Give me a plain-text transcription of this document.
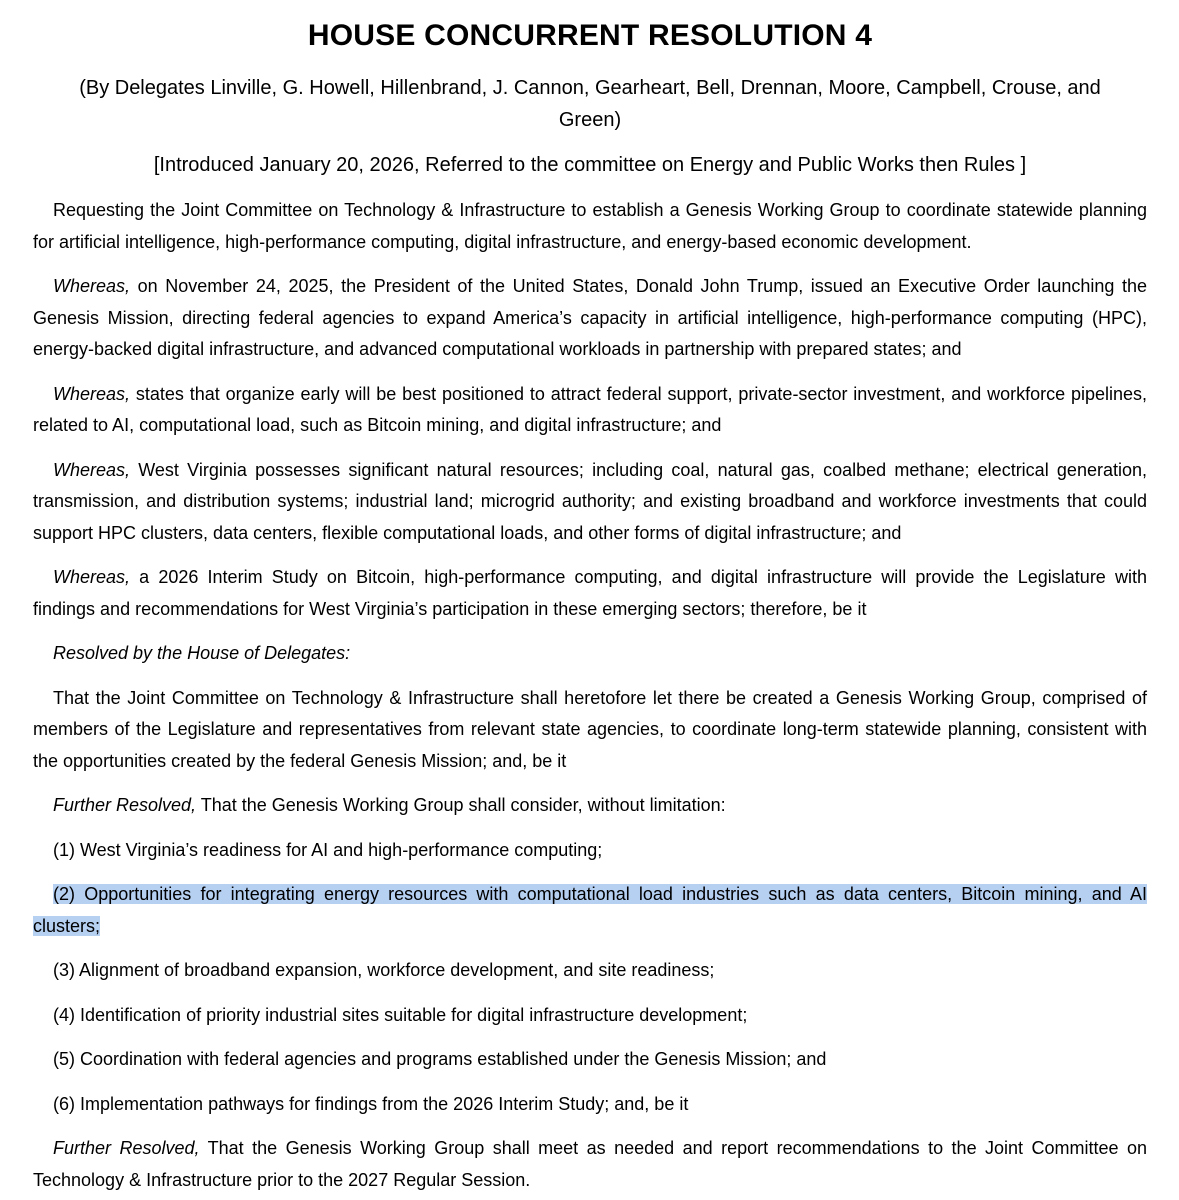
HOUSE CONCURRENT RESOLUTION 4

(By Delegates Linville, G. Howell, Hillenbrand, J. Cannon, Gearheart, Bell, Drennan, Moore, Campbell, Crouse, and Green)

[Introduced January 20, 2026, Referred to the committee on Energy and Public Works then Rules ]

Requesting the Joint Committee on Technology & Infrastructure to establish a Genesis Working Group to coordinate statewide planning for artificial intelligence, high-performance computing, digital infrastructure, and energy-based economic development.

Whereas, on November 24, 2025, the President of the United States, Donald John Trump, issued an Executive Order launching the Genesis Mission, directing federal agencies to expand America’s capacity in artificial intelligence, high-performance computing (HPC), energy-backed digital infrastructure, and advanced computational workloads in partnership with prepared states; and

Whereas, states that organize early will be best positioned to attract federal support, private-sector investment, and workforce pipelines, related to AI, computational load, such as Bitcoin mining, and digital infrastructure; and

Whereas, West Virginia possesses significant natural resources; including coal, natural gas, coalbed methane; electrical generation, transmission, and distribution systems; industrial land; microgrid authority; and existing broadband and workforce investments that could support HPC clusters, data centers, flexible computational loads, and other forms of digital infrastructure; and

Whereas, a 2026 Interim Study on Bitcoin, high-performance computing, and digital infrastructure will provide the Legislature with findings and recommendations for West Virginia’s participation in these emerging sectors; therefore, be it

Resolved by the House of Delegates:

That the Joint Committee on Technology & Infrastructure shall heretofore let there be created a Genesis Working Group, comprised of members of the Legislature and representatives from relevant state agencies, to coordinate long-term statewide planning, consistent with the opportunities created by the federal Genesis Mission; and, be it

Further Resolved, That the Genesis Working Group shall consider, without limitation:

(1) West Virginia’s readiness for AI and high-performance computing;

(2) Opportunities for integrating energy resources with computational load industries such as data centers, Bitcoin mining, and AI clusters;

(3) Alignment of broadband expansion, workforce development, and site readiness;

(4) Identification of priority industrial sites suitable for digital infrastructure development;

(5) Coordination with federal agencies and programs established under the Genesis Mission; and

(6) Implementation pathways for findings from the 2026 Interim Study; and, be it

Further Resolved, That the Genesis Working Group shall meet as needed and report recommendations to the Joint Committee on Technology & Infrastructure prior to the 2027 Regular Session.
